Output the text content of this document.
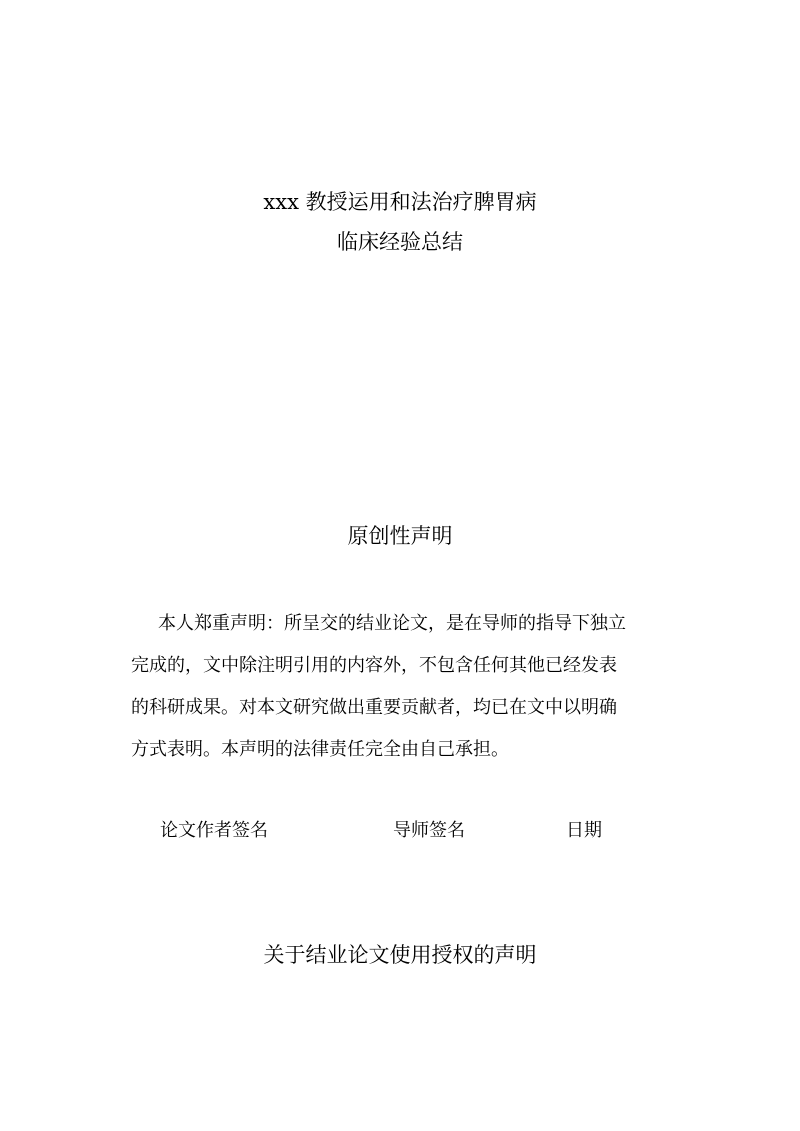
xxx 教授运用和法治疗脾胃病
临床经验总结
原创性声明

本人郑重声明：所呈交的结业论文，是在导师的指导下独立
完成的，文中除注明引用的内容外，不包含任何其他已经发表
的科研成果。对本文研究做出重要贡献者，均已在文中以明确
方式表明。本声明的法律责任完全由自己承担。

论文作者签名	导师签名	日期
关于结业论文使用授权的声明
